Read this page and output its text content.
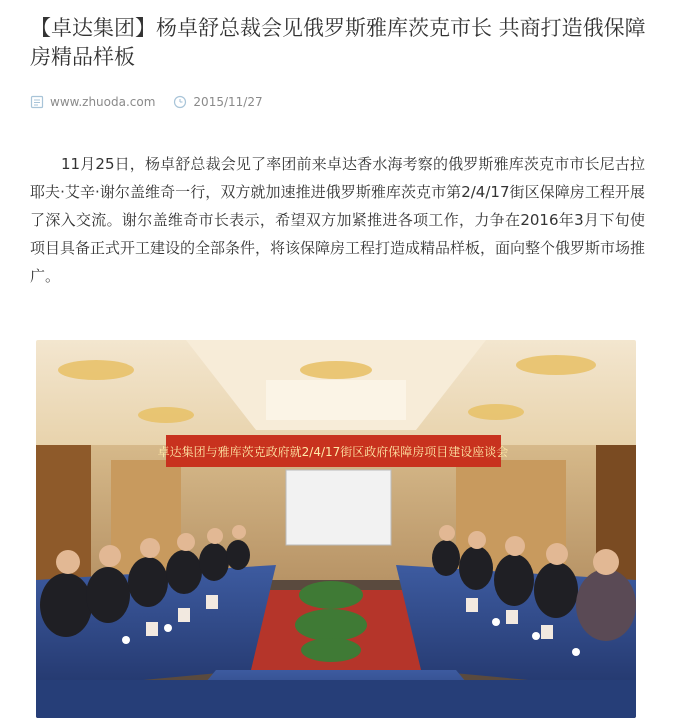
【卓达集团】杨卓舒总裁会见俄罗斯雅库茨克市长 共商打造俄保障房精品样板
www.zhuoda.com	2015/11/27

11月25日，杨卓舒总裁会见了率团前来卓达香水海考察的俄罗斯雅库茨克市市长尼古拉耶夫·艾辛·谢尔盖维奇一行，双方就加速推进俄罗斯雅库茨克市第2/4/17街区保障房工程开展了深入交流。谢尔盖维奇市长表示，希望双方加紧推进各项工作，力争在2016年3月下旬使项目具备正式开工建设的全部条件，将该保障房工程打造成精品样板，面向整个俄罗斯市场推广。

卓达集团与雅库茨克政府就2/4/17街区政府保障房项目建设座谈会
